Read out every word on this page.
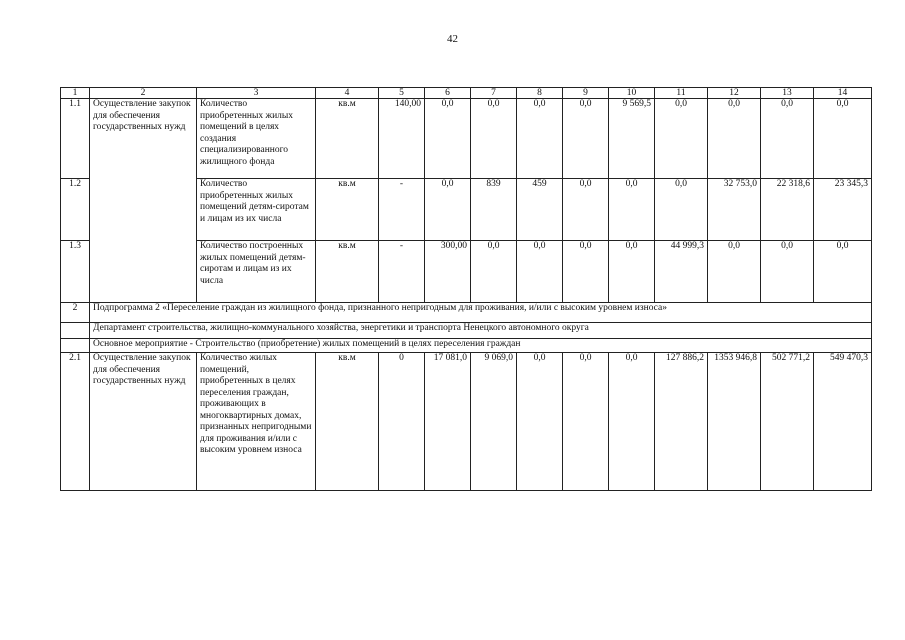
42
1	2	3	4	5	6	7	8	9	10	11	12	13	14
1.1	Осуществление закупок для обеспечения государственных нужд	Количество приобретенных жилых помещений в целях создания специализированного жилищного фонда	кв.м	140,00	0,0	0,0	0,0	0,0	9 569,5	0,0	0,0	0,0	0,0
1.2		Количество приобретенных жилых помещений детям-сиротам и лицам из их числа	кв.м	-	0,0	839	459	0,0	0,0	0,0	32 753,0	22 318,6	23 345,3
1.3		Количество построенных жилых помещений детям-сиротам и лицам из их числа	кв.м	-	300,00	0,0	0,0	0,0	0,0	44 999,3	0,0	0,0	0,0
2	Подпрограмма 2 «Переселение граждан из жилищного фонда, признанного непригодным для проживания, и/или с высоким уровнем износа»												
	Департамент строительства, жилищно-коммунального хозяйства, энергетики и транспорта Ненецкого автономного округа												
	Основное мероприятие - Строительство (приобретение) жилых помещений в целях переселения граждан												
2.1	Осуществление закупок для обеспечения государственных нужд	Количество жилых помещений, приобретенных в целях переселения граждан, проживающих в многоквартирных домах, признанных непригодными для проживания и/или с высоким уровнем износа	кв.м	0	17 081,0	9 069,0	0,0	0,0	0,0	127 886,2	1353 946,8	502 771,2	549 470,3
